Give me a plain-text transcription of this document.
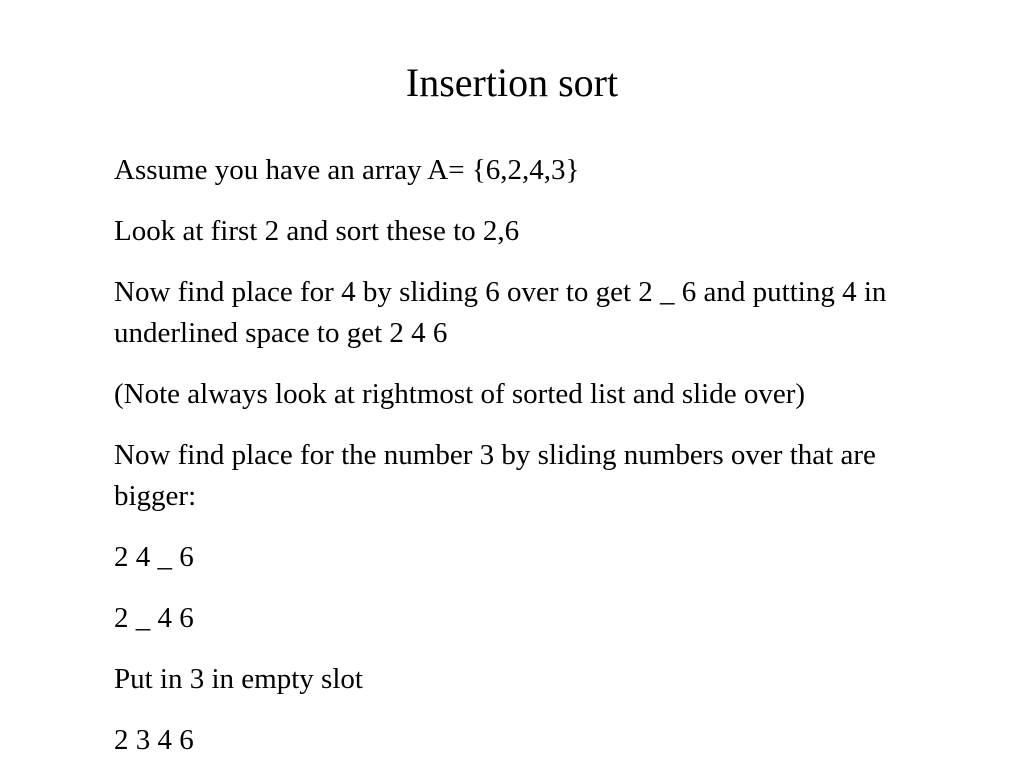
Insertion sort
Assume you have an array A= {6,2,4,3}
Look at first 2 and sort these to 2,6
Now find place for 4 by sliding 6 over to get 2 _ 6 and putting 4 in underlined space to get 2 4 6
(Note always look at rightmost of sorted list and slide over)
Now find place for the number 3 by sliding numbers over that are bigger:
2 4 _ 6
2 _ 4 6
Put in 3 in empty slot
2 3 4 6
